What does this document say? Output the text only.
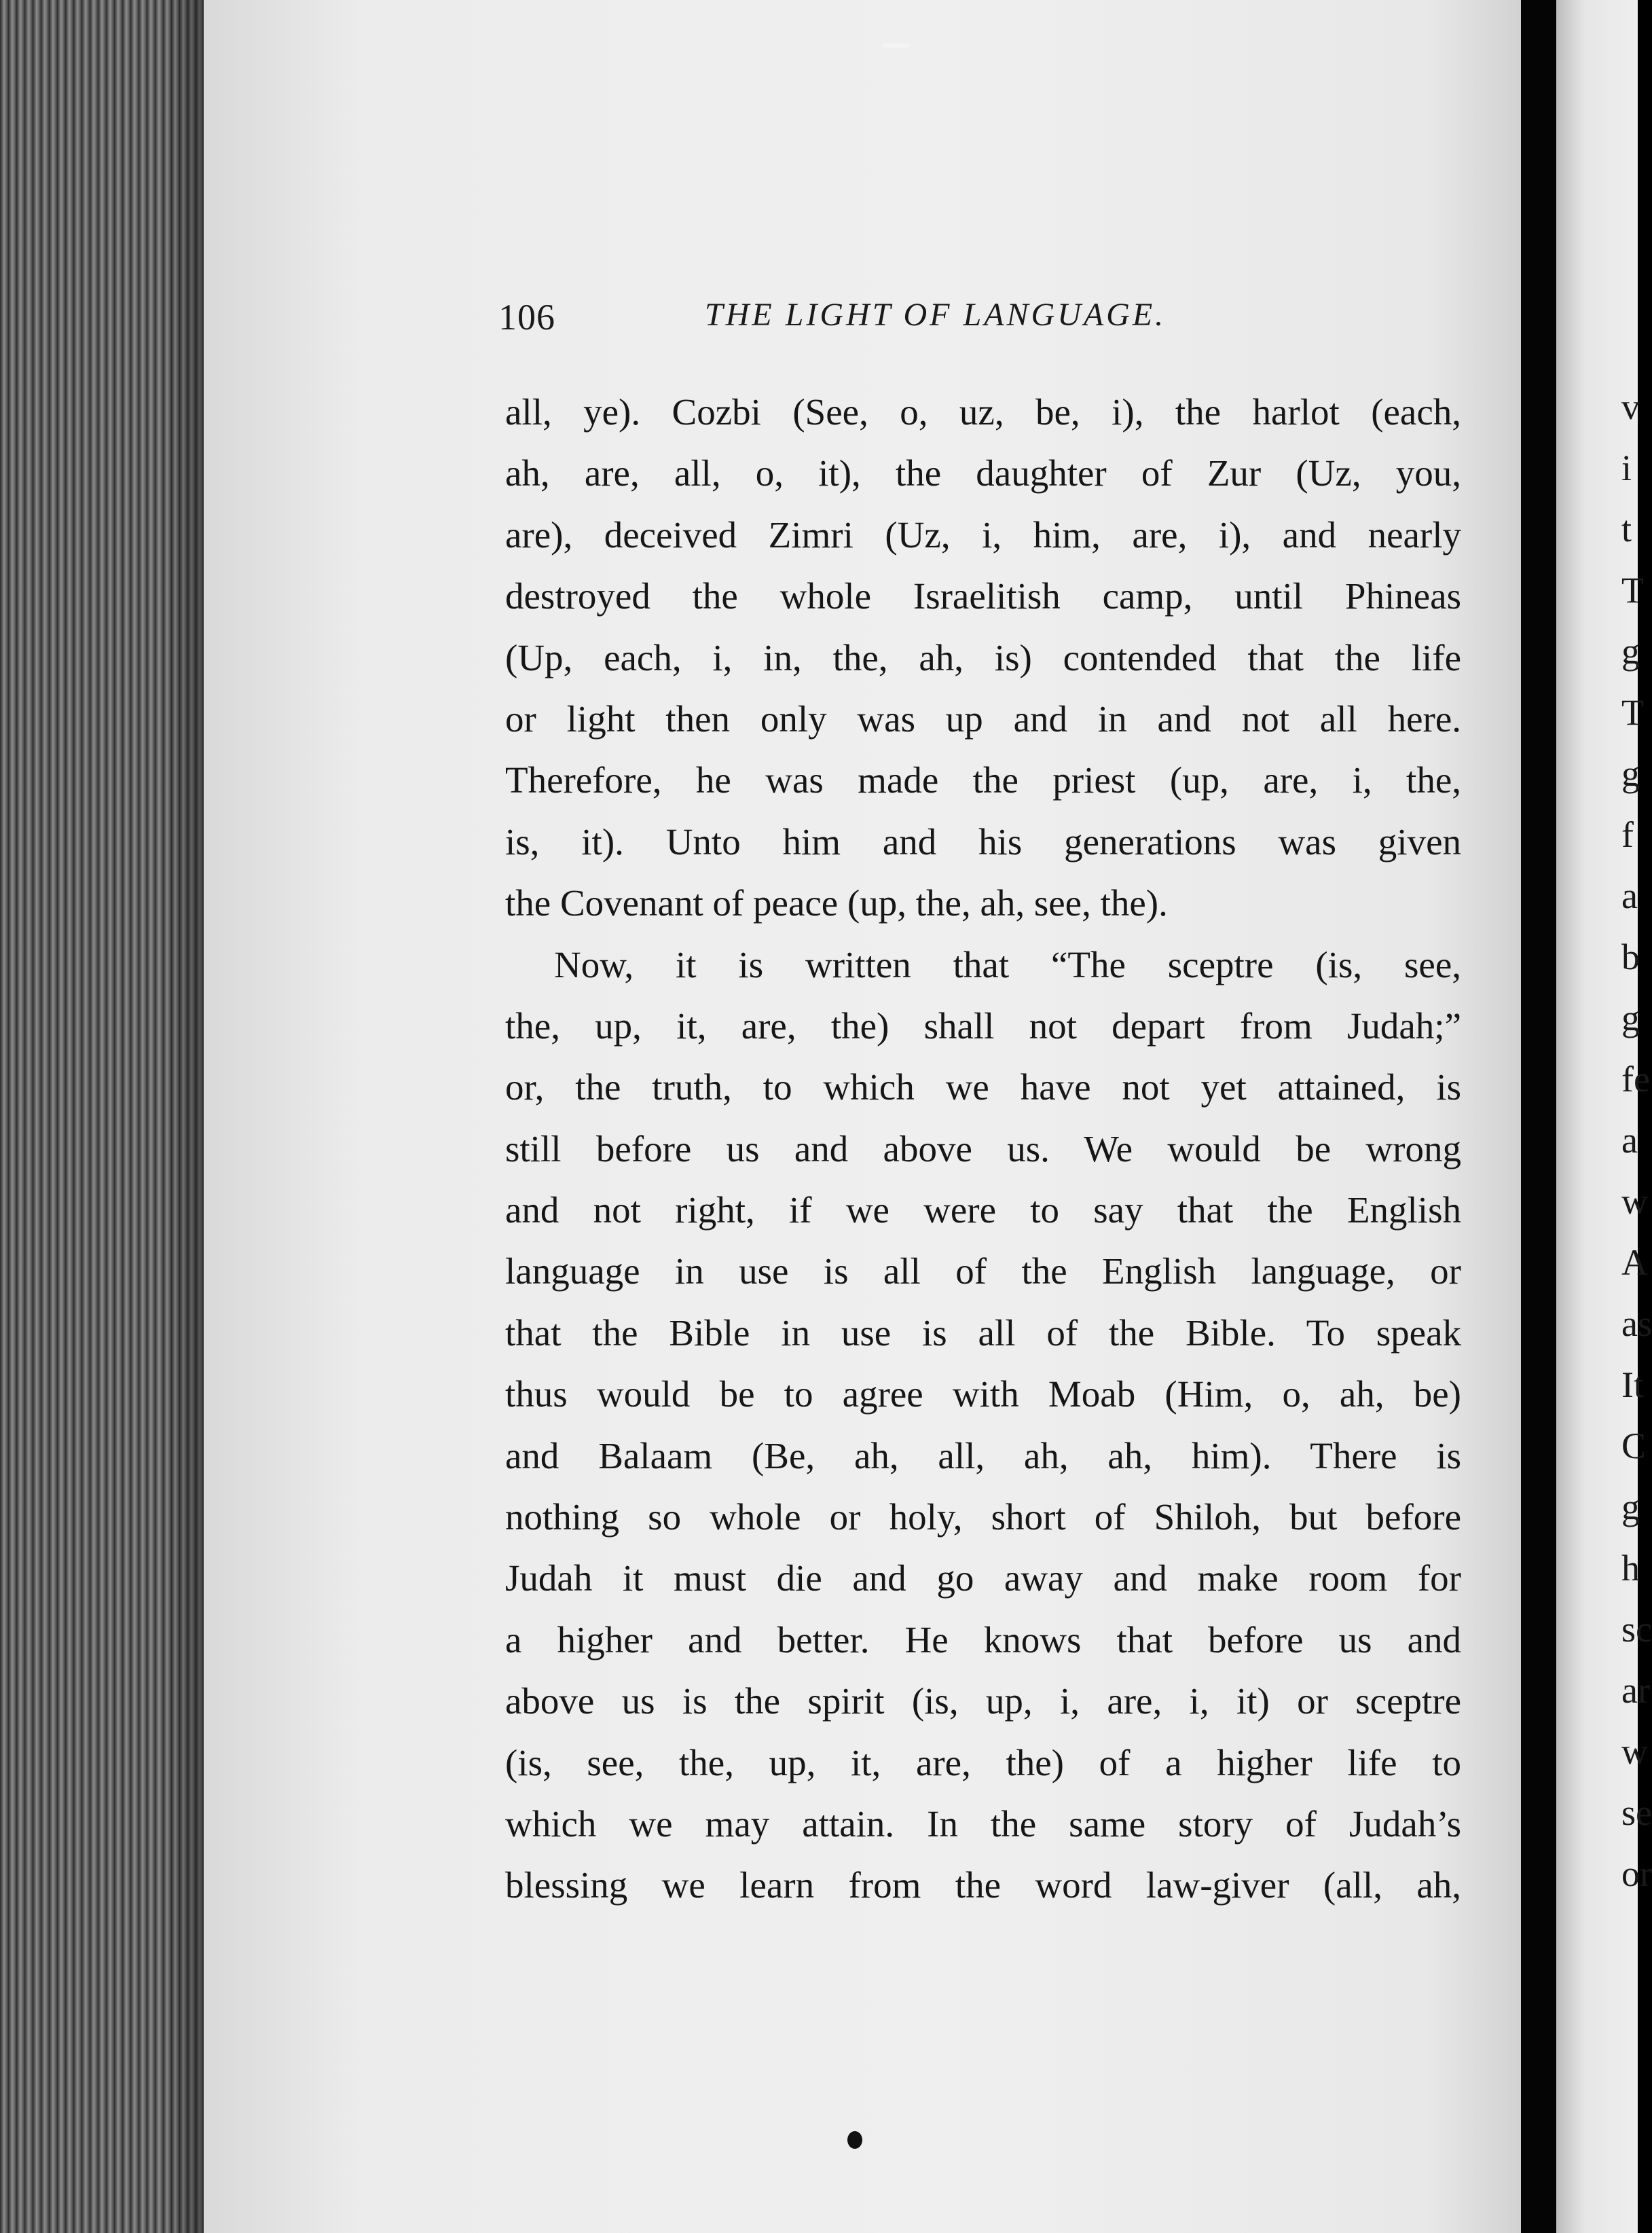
v
i
t
T
g
T
g
f
a
b
g
fe
a
w
A
as
It
C
g
h
sc
ar
w
se
or
106	THE LIGHT OF LANGUAGE.
all, ye). Cozbi (See, o, uz, be, i), the harlot (each,
ah, are, all, o, it), the daughter of Zur (Uz, you,
are), deceived Zimri (Uz, i, him, are, i), and nearly
destroyed the whole Israelitish camp, until Phineas
(Up, each, i, in, the, ah, is) contended that the life
or light then only was up and in and not all here.
Therefore, he was made the priest (up, are, i, the,
is, it). Unto him and his generations was given
the Covenant of peace (up, the, ah, see, the).
Now, it is written that “The sceptre (is, see,
the, up, it, are, the) shall not depart from Judah;”
or, the truth, to which we have not yet attained, is
still before us and above us. We would be wrong
and not right, if we were to say that the English
language in use is all of the English language, or
that the Bible in use is all of the Bible. To speak
thus would be to agree with Moab (Him, o, ah, be)
and Balaam (Be, ah, all, ah, ah, him). There is
nothing so whole or holy, short of Shiloh, but before
Judah it must die and go away and make room for
a higher and better. He knows that before us and
above us is the spirit (is, up, i, are, i, it) or sceptre
(is, see, the, up, it, are, the) of a higher life to
which we may attain. In the same story of Judah’s
blessing we learn from the word law-giver (all, ah,
